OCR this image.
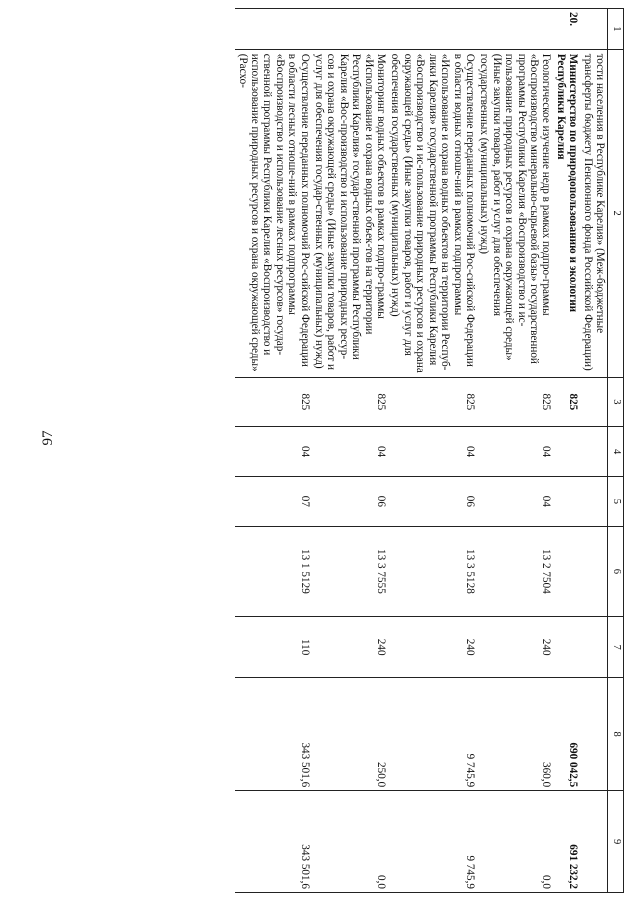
97
1	2	3	4	5	6	7	8	9
	тости населения в Республике Карелия» (Меж-бюджетные трансферты бюджету Пенсионного фонда Российской Федерации)							
20.	Министерство по природопользованию и экологии Республики Карелия	825					690 042,5	691 232,2
	Геологическое изучение недр в рамках подпро-граммы «Воспроизводство минерально-сырьевой базы» государственной программы Республики Карелия «Воспроизводство и ис-пользование природных ресурсов и охрана окружающей среды» (Иные закупки товаров, работ и услуг для обеспечения государственных (муниципальных) нужд)	825	04	04	13 2 7504	240	360,0	0,0
	Осуществление переданных полномочий Рос-сийской Федерации в области водных отноше-ний в рамках подпрограммы «Использование и охрана водных объектов на территории Респуб-лики Карелия» государственной программы Республики Карелия «Воспроизводство и ис-пользование природных ресурсов и охрана окружающей среды» (Иные закупки товаров, работ и услуг для обеспечения государственных (муниципальных) нужд)	825	04	06	13 3 5128	240	9 745,9	9 745,9
	Мониторинг водных объектов в рамках подпро-граммы «Использование и охрана водных объек-тов на территории Республики Карелия» государ-ственной программы Республики Карелия «Вос-производство и использование природных ресур-сов и охрана окружающей среды» (Иные закупки товаров, работ и услуг для обеспечения государ-ственных (муниципальных) нужд)	825	04	06	13 3 7555	240	250,0	0,0
	Осуществление переданных полномочий Рос-сийской Федерации в области лесных отноше-ний в рамках подпрограммы «Воспроизводство и использование лесных ресурсов» государ-ственной программы Республики Карелия «Воспроизводство и использование природных ресурсов и охрана окружающей среды» (Расхо-	825	04	07	13 1 5129	110	343 501,6	343 501,6
